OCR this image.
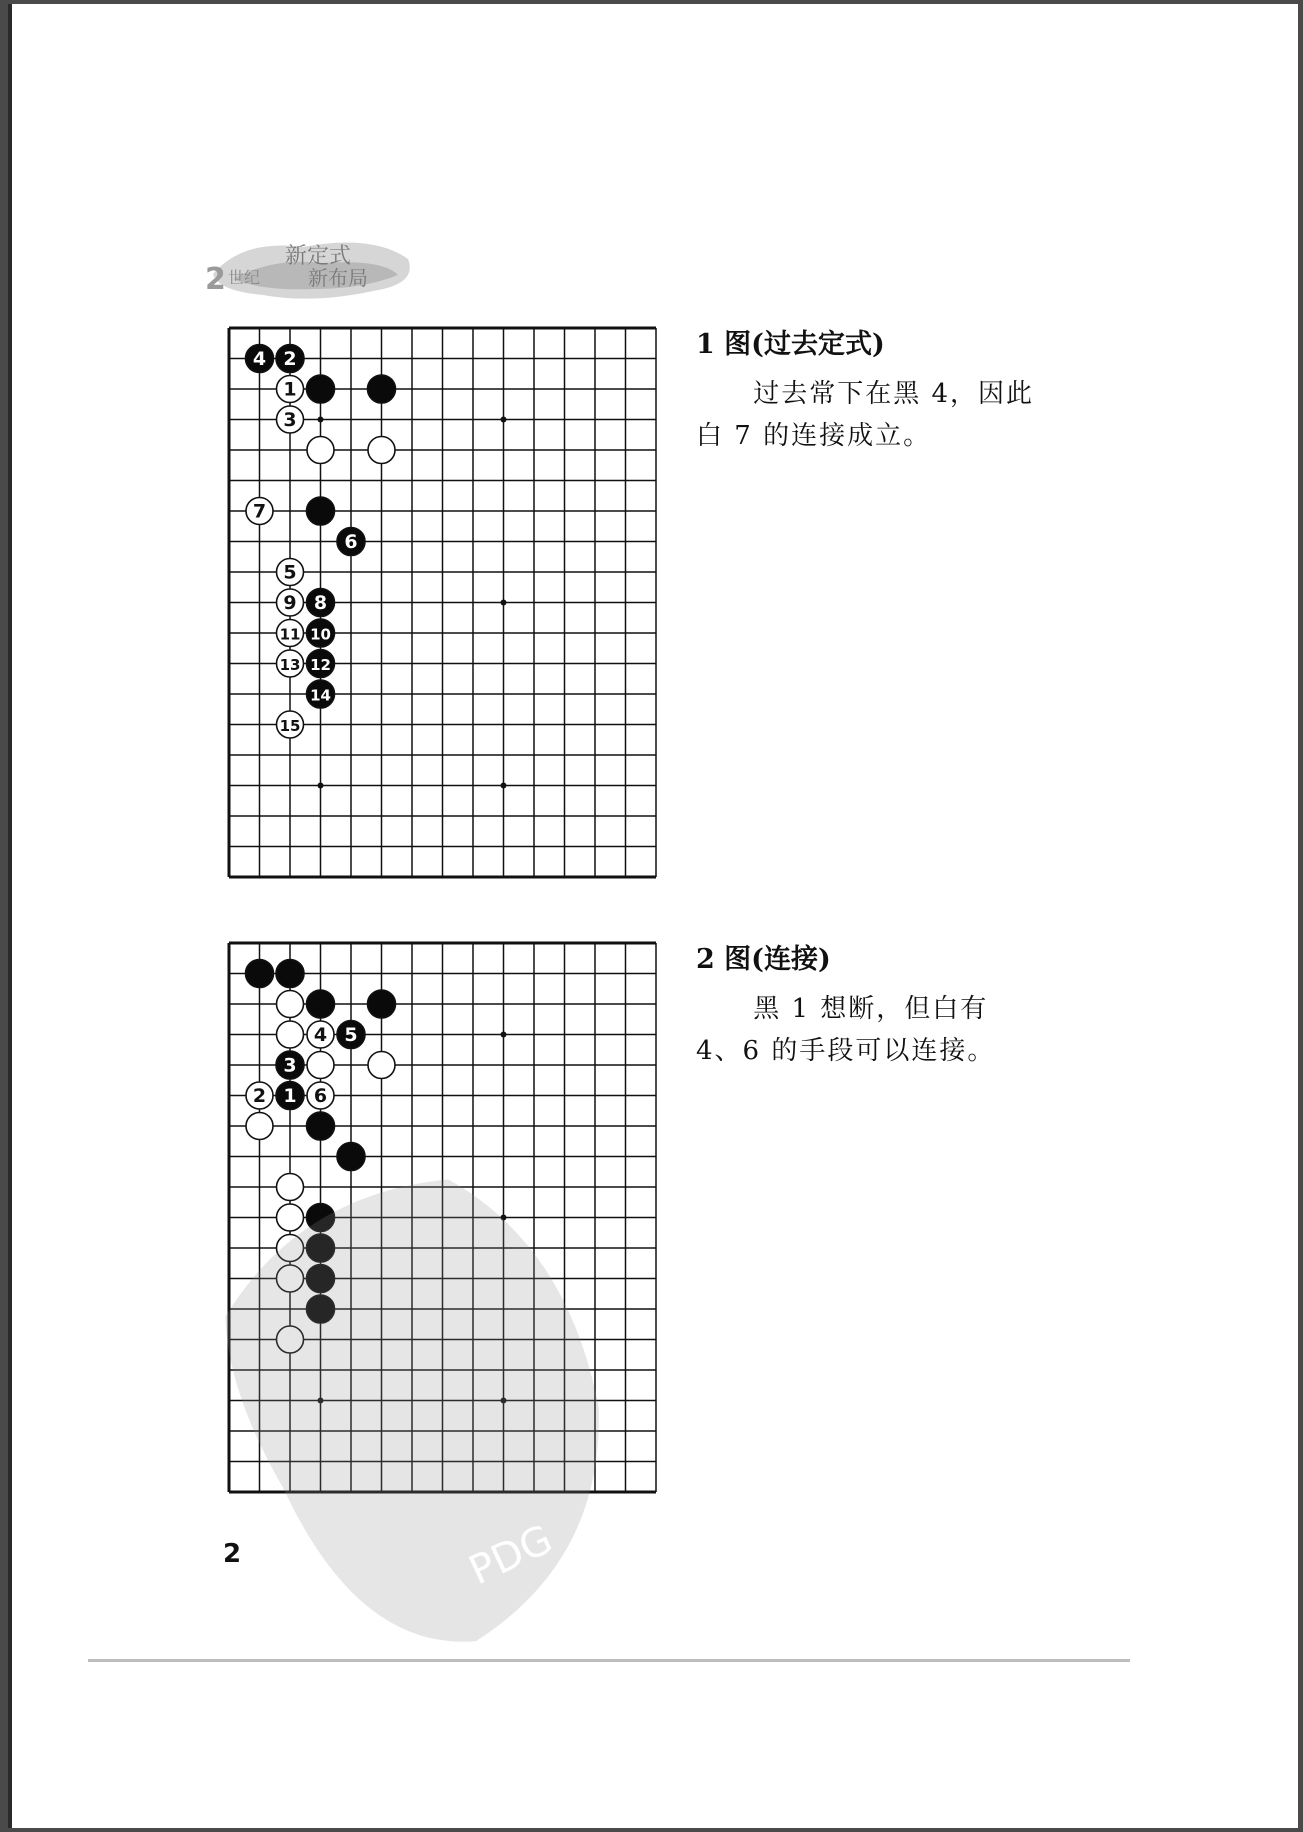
2 世纪
新定式
新布局
4 2
1
3
7
6
5
9 8
11 10
13 12
14
15

1 图(过去定式)

过去常下在黑 4，因此白 7 的连接成立。

4 5
3
2 1 6

2 图(连接)

黑 1 想断，但白有 4、6 的手段可以连接。

PDG
2
